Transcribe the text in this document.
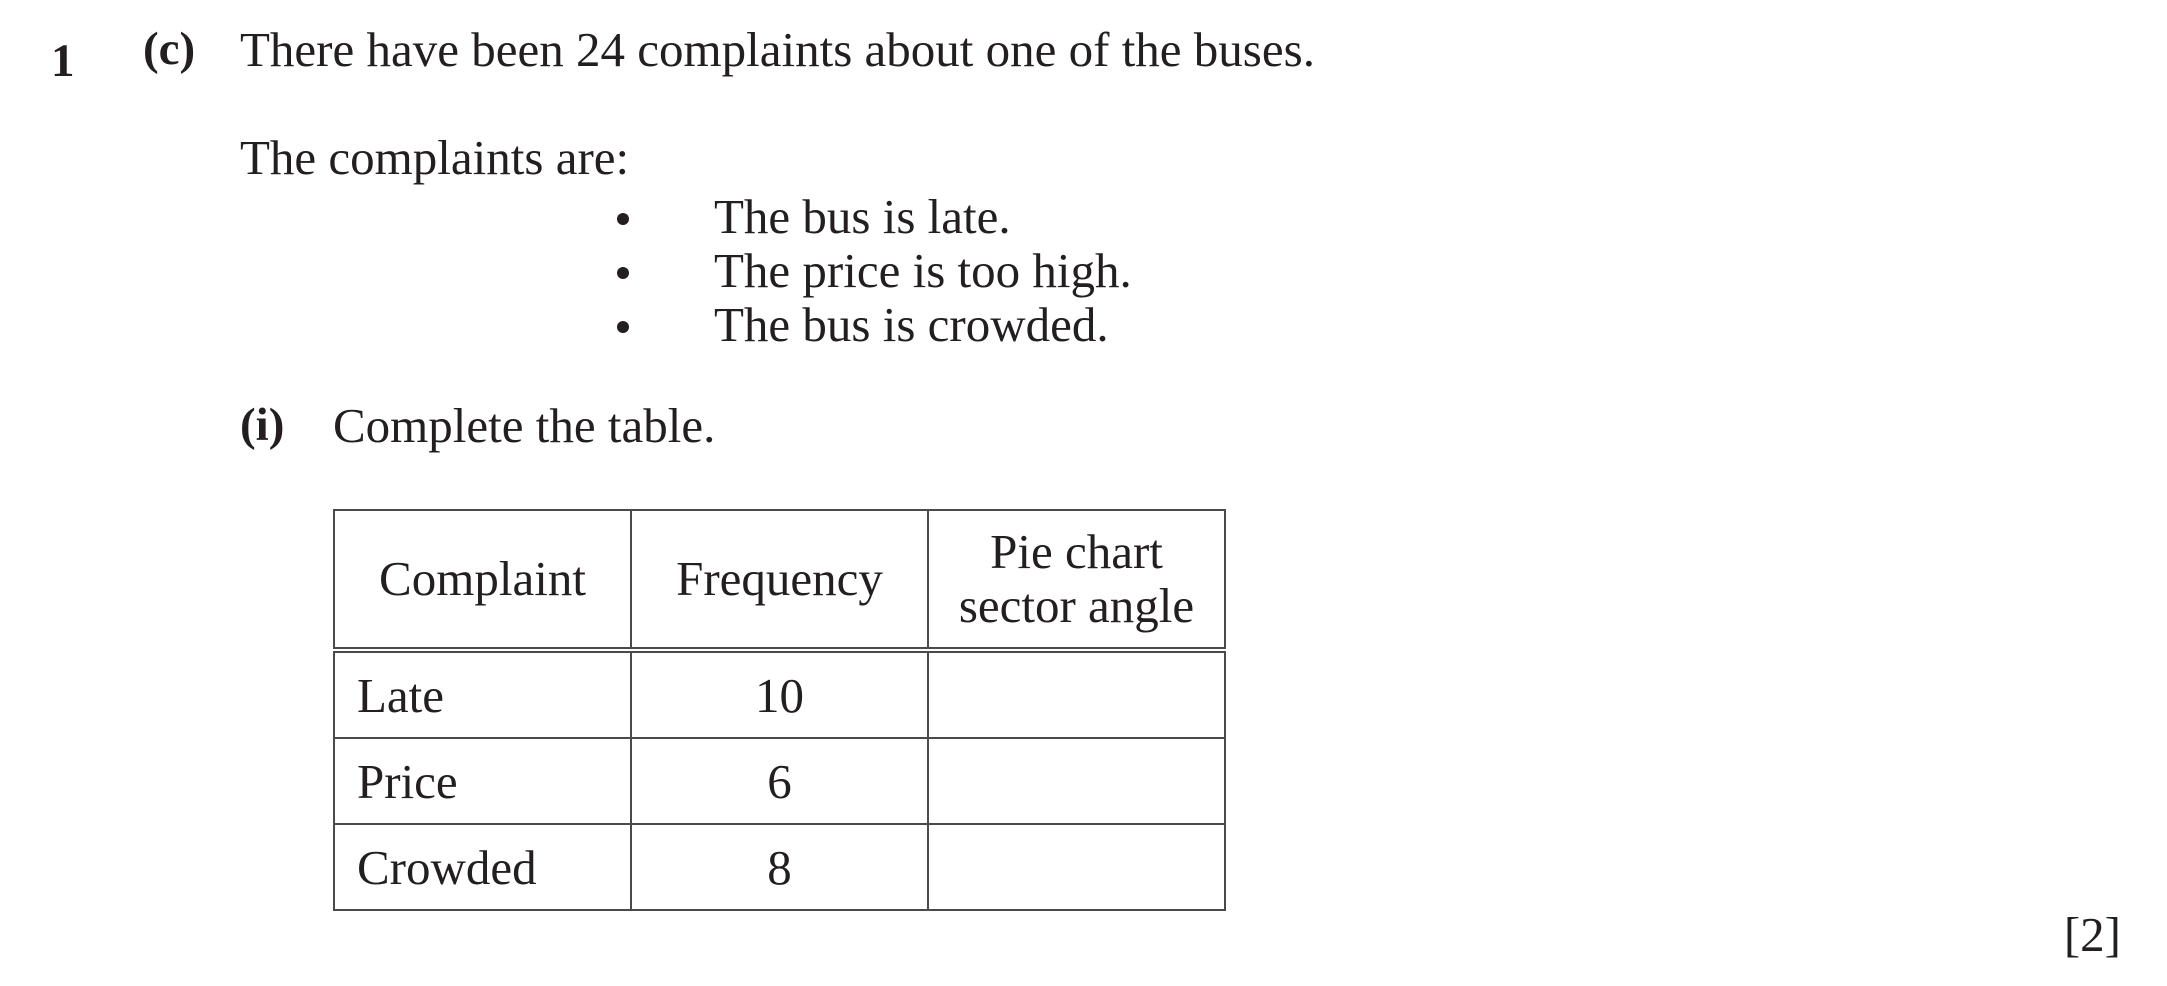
1 (c) There have been 24 complaints about one of the buses.
The complaints are:
The bus is late.
The price is too high.
The bus is crowded.
(i) Complete the table.
Complaint	Frequency	Pie chart sector angle
Late	10	
Price	6	
Crowded	8	
[2]
